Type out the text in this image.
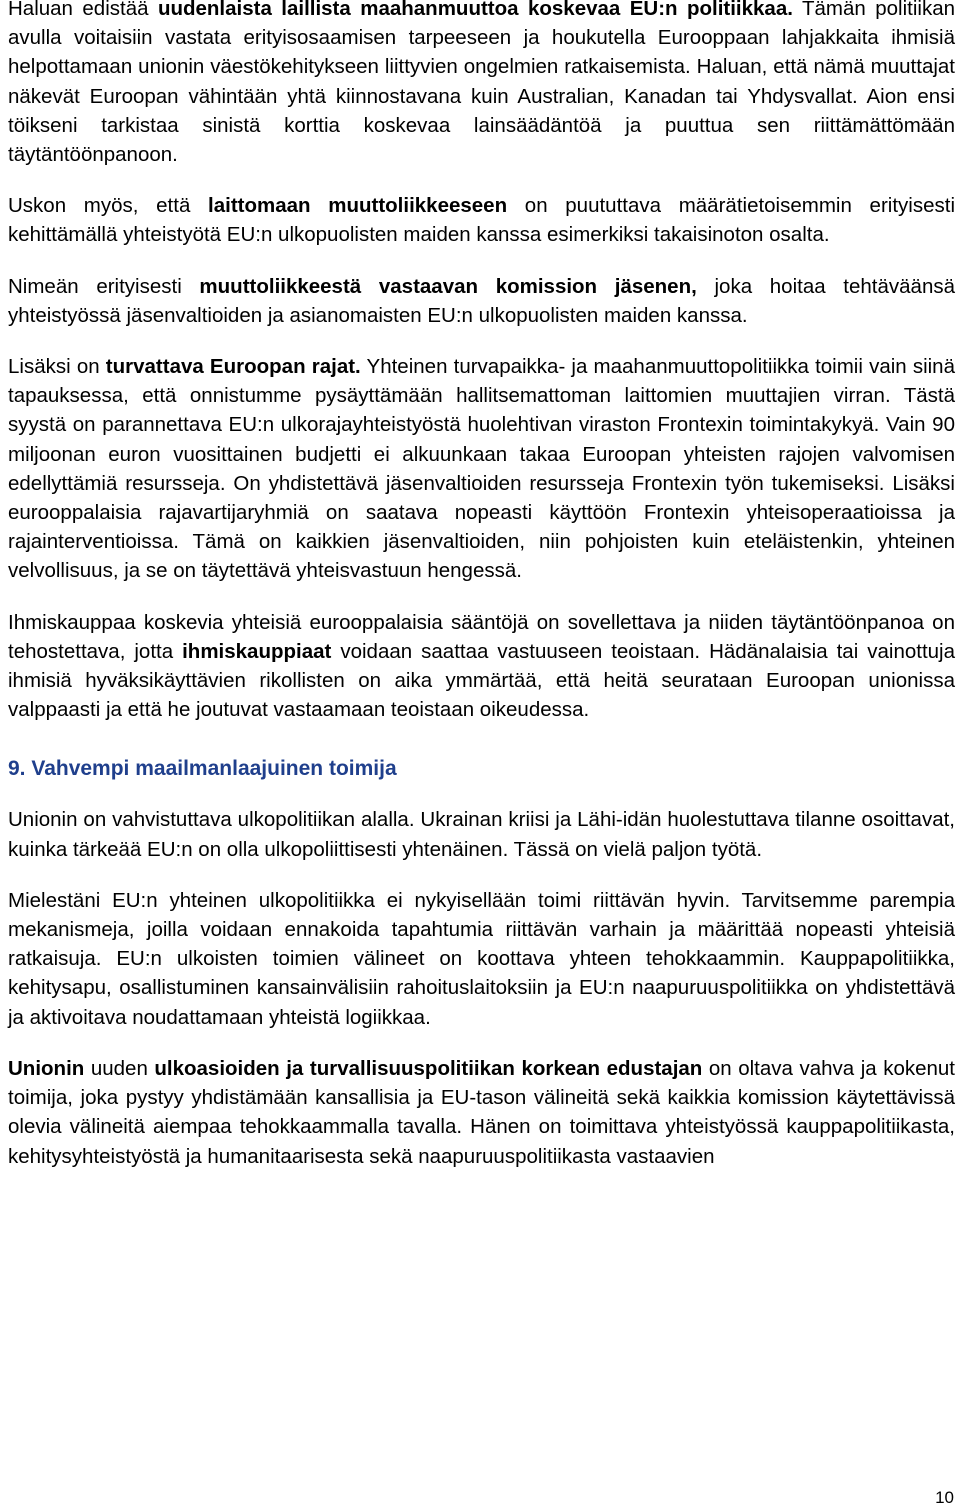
Haluan edistää uudenlaista laillista maahanmuuttoa koskevaa EU:n politiikkaa. Tämän politiikan avulla voitaisiin vastata erityisosaamisen tarpeeseen ja houkutella Eurooppaan lahjakkaita ihmisiä helpottamaan unionin väestökehitykseen liittyvien ongelmien ratkaisemista. Haluan, että nämä muuttajat näkevät Euroopan vähintään yhtä kiinnostavana kuin Australian, Kanadan tai Yhdysvallat. Aion ensi töikseni tarkistaa sinistä korttia koskevaa lainsäädäntöä ja puuttua sen riittämättömään täytäntöönpanoon.

Uskon myös, että laittomaan muuttoliikkeeseen on puututtava määrätietoisemmin erityisesti kehittämällä yhteistyötä EU:n ulkopuolisten maiden kanssa esimerkiksi takaisinoton osalta.

Nimeän erityisesti muuttoliikkeestä vastaavan komission jäsenen, joka hoitaa tehtäväänsä yhteistyössä jäsenvaltioiden ja asianomaisten EU:n ulkopuolisten maiden kanssa.

Lisäksi on turvattava Euroopan rajat. Yhteinen turvapaikka- ja maahanmuuttopolitiikka toimii vain siinä tapauksessa, että onnistumme pysäyttämään hallitsemattoman laittomien muuttajien virran. Tästä syystä on parannettava EU:n ulkorajayhteistyöstä huolehtivan viraston Frontexin toimintakykyä. Vain 90 miljoonan euron vuosittainen budjetti ei alkuunkaan takaa Euroopan yhteisten rajojen valvomisen edellyttämiä resursseja. On yhdistettävä jäsenvaltioiden resursseja Frontexin työn tukemiseksi. Lisäksi eurooppalaisia rajavartijaryhmiä on saatava nopeasti käyttöön Frontexin yhteisoperaatioissa ja rajainterventioissa. Tämä on kaikkien jäsenvaltioiden, niin pohjoisten kuin eteläistenkin, yhteinen velvollisuus, ja se on täytettävä yhteisvastuun hengessä.

Ihmiskauppaa koskevia yhteisiä eurooppalaisia sääntöjä on sovellettava ja niiden täytäntöönpanoa on tehostettava, jotta ihmiskauppiaat voidaan saattaa vastuuseen teoistaan. Hädänalaisia tai vainottuja ihmisiä hyväksikäyttävien rikollisten on aika ymmärtää, että heitä seurataan Euroopan unionissa valppaasti ja että he joutuvat vastaamaan teoistaan oikeudessa.

9. Vahvempi maailmanlaajuinen toimija

Unionin on vahvistuttava ulkopolitiikan alalla. Ukrainan kriisi ja Lähi-idän huolestuttava tilanne osoittavat, kuinka tärkeää EU:n on olla ulkopoliittisesti yhtenäinen. Tässä on vielä paljon työtä.

Mielestäni EU:n yhteinen ulkopolitiikka ei nykyisellään toimi riittävän hyvin. Tarvitsemme parempia mekanismeja, joilla voidaan ennakoida tapahtumia riittävän varhain ja määrittää nopeasti yhteisiä ratkaisuja. EU:n ulkoisten toimien välineet on koottava yhteen tehokkaammin. Kauppapolitiikka, kehitysapu, osallistuminen kansainvälisiin rahoituslaitoksiin ja EU:n naapuruuspolitiikka on yhdistettävä ja aktivoitava noudattamaan yhteistä logiikkaa.

Unionin uuden ulkoasioiden ja turvallisuuspolitiikan korkean edustajan on oltava vahva ja kokenut toimija, joka pystyy yhdistämään kansallisia ja EU-tason välineitä sekä kaikkia komission käytettävissä olevia välineitä aiempaa tehokkaammalla tavalla. Hänen on toimittava yhteistyössä kauppapolitiikasta, kehitysyhteistyöstä ja humanitaarisesta sekä naapuruuspolitiikasta vastaavien

10
